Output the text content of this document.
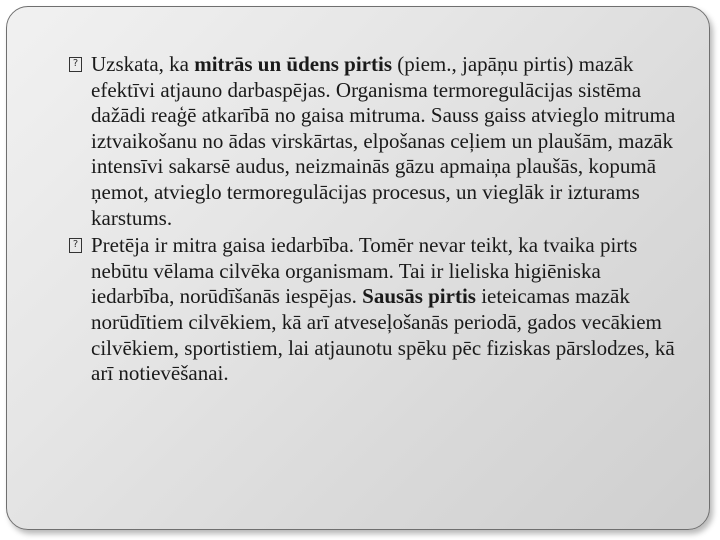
?
Uzskata, ka mitrās un ūdens pirtis (piem., japāņu pirtis) mazāk efektīvi atjauno darbaspējas. Organisma termoregulācijas sistēma dažādi reaģē atkarībā no gaisa mitruma. Sauss gaiss atvieglo mitruma iztvaikošanu no ādas virskārtas, elpošanas ceļiem un plaušām, mazāk intensīvi sakarsē audus, neizmainās gāzu apmaiņa plaušās, kopumā ņemot, atvieglo termoregulācijas procesus, un vieglāk ir izturams karstums.

?
Pretēja ir mitra gaisa iedarbība. Tomēr nevar teikt, ka tvaika pirts nebūtu vēlama cilvēka organismam. Tai ir lieliska higiēniska iedarbība, norūdīšanās iespējas. Sausās pirtis ieteicamas mazāk norūdītiem cilvēkiem, kā arī atveseļošanās periodā, gados vecākiem cilvēkiem, sportistiem, lai atjaunotu spēku pēc fiziskas pārslodzes, kā arī notievēšanai.
